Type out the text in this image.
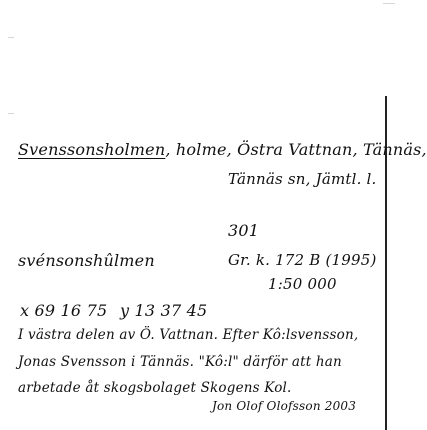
Svenssonsholmen, holme, Östra Vattnan, Tännäs,
Tännäs sn, Jämtl. l.
301
svénsonshûlmen	Gr. k. 172 B (1995)
1:50 000
x 69 16 75 y 13 37 45
I västra delen av Ö. Vattnan. Efter Kô:lsvensson,
Jonas Svensson i Tännäs. "Kô:l" därför att han
arbetade åt skogsbolaget Skogens Kol.
Jon Olof Olofsson 2003
